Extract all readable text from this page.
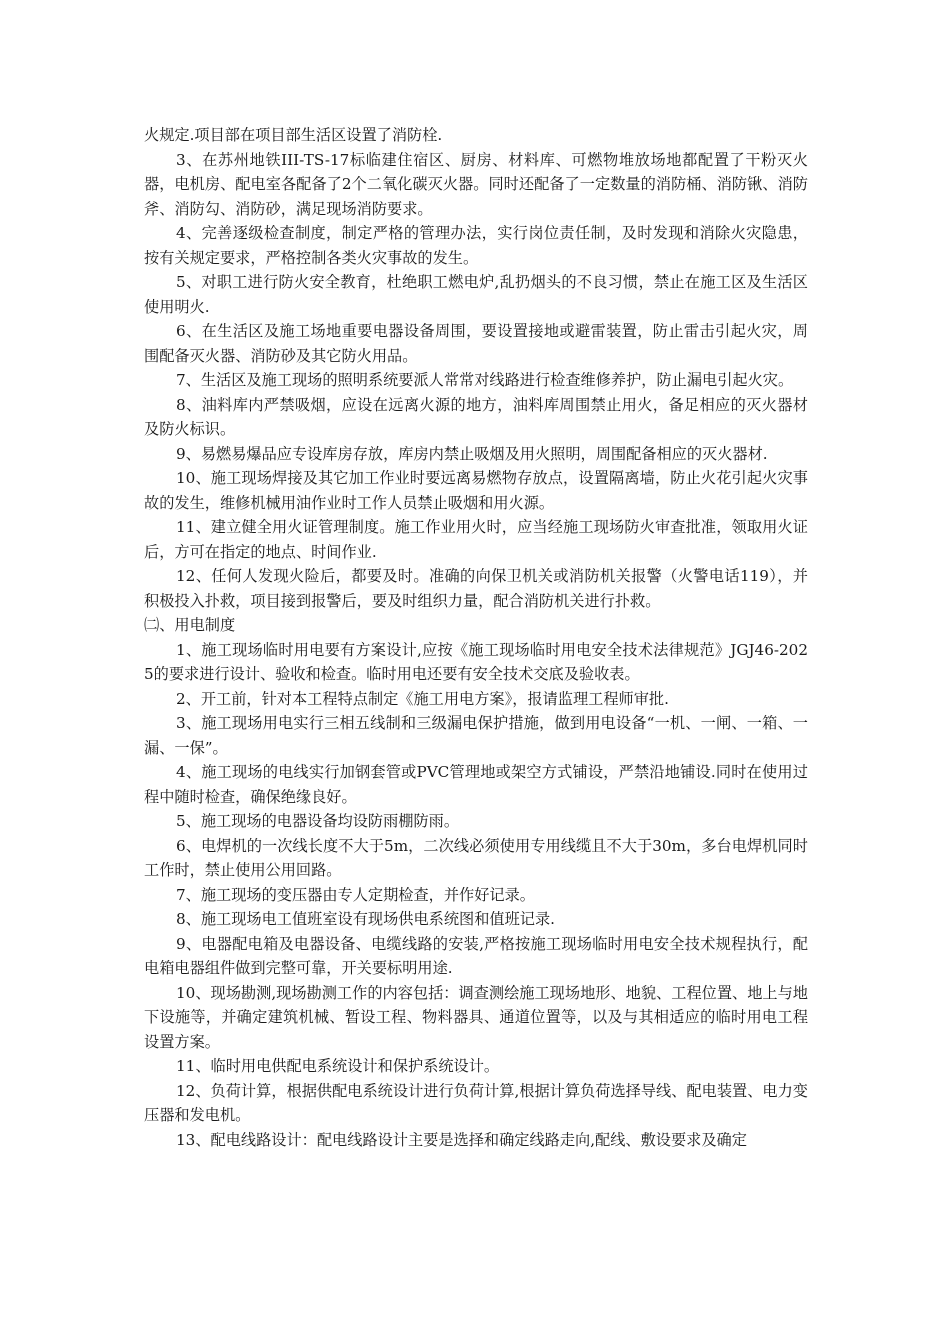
火规定.项目部在项目部生活区设置了消防栓.

3、在苏州地铁III-TS-17标临建住宿区、厨房、材料库、可燃物堆放场地都配置了干粉灭火器，电机房、配电室各配备了2个二氧化碳灭火器。同时还配备了一定数量的消防桶、消防锹、消防斧、消防勾、消防砂，满足现场消防要求。

4、完善逐级检查制度，制定严格的管理办法，实行岗位责任制，及时发现和消除火灾隐患，按有关规定要求，严格控制各类火灾事故的发生。

5、对职工进行防火安全教育，杜绝职工燃电炉,乱扔烟头的不良习惯，禁止在施工区及生活区使用明火.

6、在生活区及施工场地重要电器设备周围，要设置接地或避雷装置，防止雷击引起火灾，周围配备灭火器、消防砂及其它防火用品。

7、生活区及施工现场的照明系统要派人常常对线路进行检查维修养护，防止漏电引起火灾。

8、油料库内严禁吸烟，应设在远离火源的地方，油料库周围禁止用火，备足相应的灭火器材及防火标识。

9、易燃易爆品应专设库房存放，库房内禁止吸烟及用火照明，周围配备相应的灭火器材.

10、施工现场焊接及其它加工作业时要远离易燃物存放点，设置隔离墙，防止火花引起火灾事故的发生，维修机械用油作业时工作人员禁止吸烟和用火源。

11、建立健全用火证管理制度。施工作业用火时，应当经施工现场防火审查批准，领取用火证后，方可在指定的地点、时间作业.

12、任何人发现火险后，都要及时。准确的向保卫机关或消防机关报警（火警电话119），并积极投入扑救，项目接到报警后，要及时组织力量，配合消防机关进行扑救。

㈡、用电制度

1、施工现场临时用电要有方案设计,应按《施工现场临时用电安全技术法律规范》JGJ46-2025的要求进行设计、验收和检查。临时用电还要有安全技术交底及验收表。

2、开工前，针对本工程特点制定《施工用电方案》，报请监理工程师审批.

3、施工现场用电实行三相五线制和三级漏电保护措施，做到用电设备“一机、一闸、一箱、一漏、一保”。

4、施工现场的电线实行加钢套管或PVC管理地或架空方式铺设，严禁沿地铺设.同时在使用过程中随时检查，确保绝缘良好。

5、施工现场的电器设备均设防雨棚防雨。

6、电焊机的一次线长度不大于5m，二次线必须使用专用线缆且不大于30m，多台电焊机同时工作时，禁止使用公用回路。

7、施工现场的变压器由专人定期检查，并作好记录。

8、施工现场电工值班室设有现场供电系统图和值班记录.

9、电器配电箱及电器设备、电缆线路的安装,严格按施工现场临时用电安全技术规程执行，配电箱电器组件做到完整可靠，开关要标明用途.

10、现场勘测,现场勘测工作的内容包括：调查测绘施工现场地形、地貌、工程位置、地上与地下设施等，并确定建筑机械、暂设工程、物料器具、通道位置等，以及与其相适应的临时用电工程设置方案。

11、临时用电供配电系统设计和保护系统设计。

12、负荷计算，根据供配电系统设计进行负荷计算,根据计算负荷选择导线、配电装置、电力变压器和发电机。

13、配电线路设计：配电线路设计主要是选择和确定线路走向,配线、敷设要求及确定
